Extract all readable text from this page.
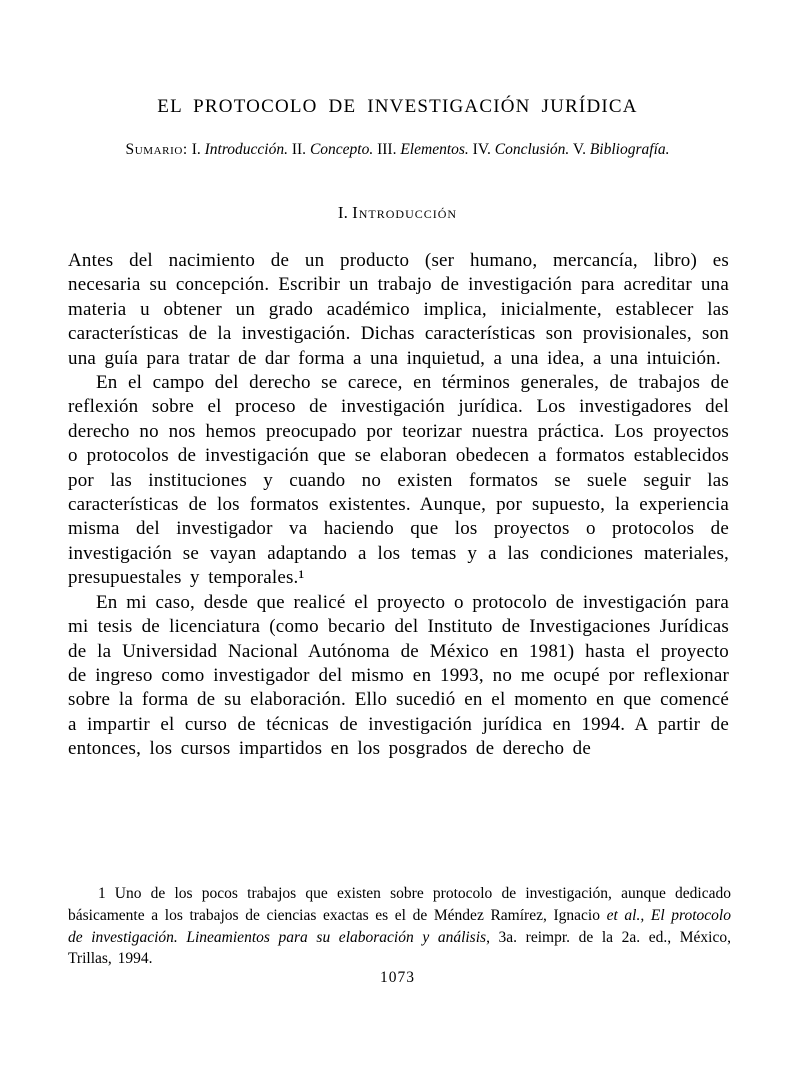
EL PROTOCOLO DE INVESTIGACIÓN JURÍDICA
Sumario: I. Introducción. II. Concepto. III. Elementos. IV. Conclusión. V. Bibliografía.
I. Introducción

Antes del nacimiento de un producto (ser humano, mercancía, libro) es necesaria su concepción. Escribir un trabajo de investigación para acreditar una materia u obtener un grado académico implica, inicialmente, establecer las características de la investigación. Dichas características son provisionales, son una guía para tratar de dar forma a una inquietud, a una idea, a una intuición.

En el campo del derecho se carece, en términos generales, de trabajos de reflexión sobre el proceso de investigación jurídica. Los investigadores del derecho no nos hemos preocupado por teorizar nuestra práctica. Los proyectos o protocolos de investigación que se elaboran obedecen a formatos establecidos por las instituciones y cuando no existen formatos se suele seguir las características de los formatos existentes. Aunque, por supuesto, la experiencia misma del investigador va haciendo que los proyectos o protocolos de investigación se vayan adaptando a los temas y a las condiciones materiales, presupuestales y temporales.¹

En mi caso, desde que realicé el proyecto o protocolo de investigación para mi tesis de licenciatura (como becario del Instituto de Investigaciones Jurídicas de la Universidad Nacional Autónoma de México en 1981) hasta el proyecto de ingreso como investigador del mismo en 1993, no me ocupé por reflexionar sobre la forma de su elaboración. Ello sucedió en el momento en que comencé a impartir el curso de técnicas de investigación jurídica en 1994. A partir de entonces, los cursos impartidos en los posgrados de derecho de

1 Uno de los pocos trabajos que existen sobre protocolo de investigación, aunque dedicado básicamente a los trabajos de ciencias exactas es el de Méndez Ramírez, Ignacio et al., El protocolo de investigación. Lineamientos para su elaboración y análisis, 3a. reimpr. de la 2a. ed., México, Trillas, 1994.

1073
